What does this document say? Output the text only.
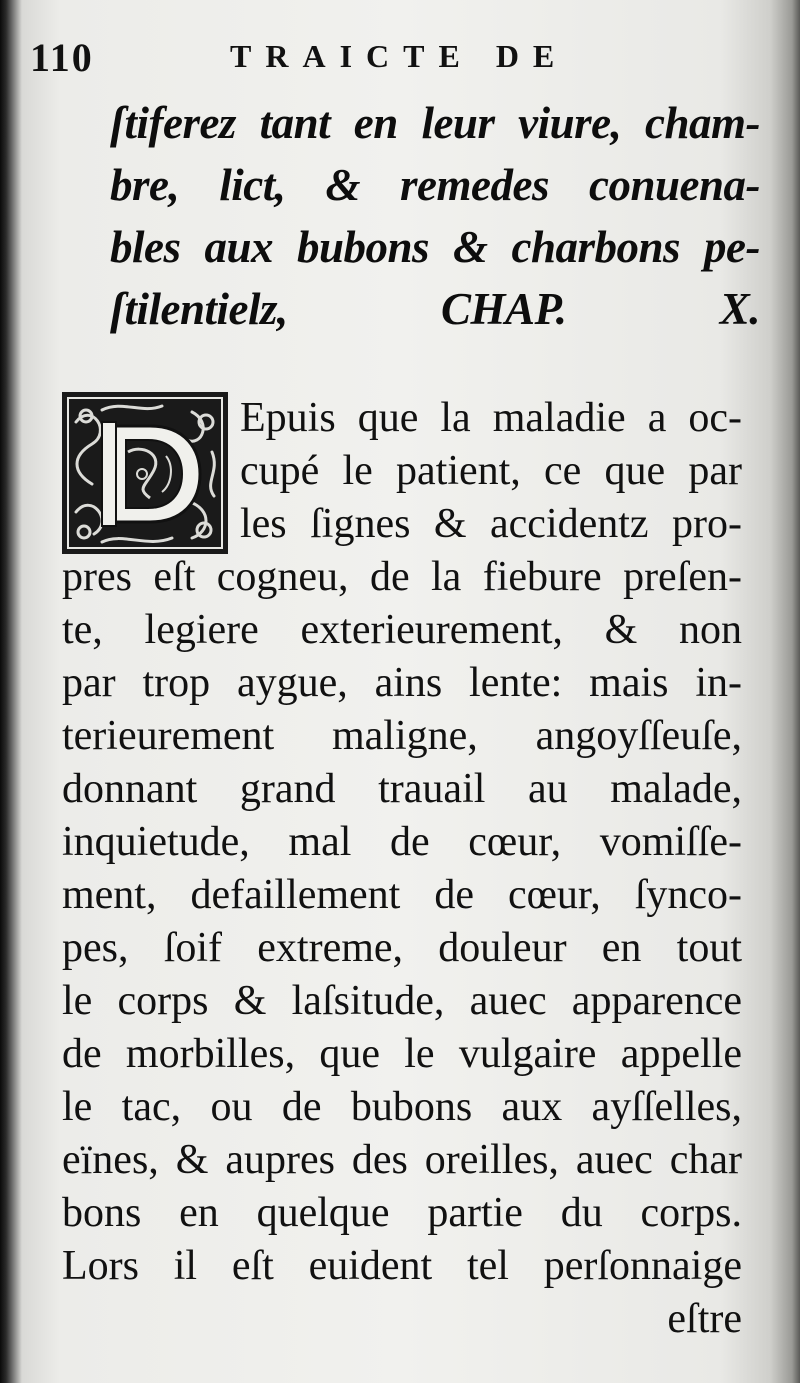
110	TRAICTE DE
ſtiferez tant en leur viure, cham-
bre, lict, & remedes conuena-
bles aux bubons & charbons pe-
ſtilentielz, CHAP. X.
Epuis que la maladie a oc-
cupé le patient, ce que par
les ſignes & accidentz pro-
pres eſt cogneu, de la fiebure preſen-
te, legiere exterieurement, & non
par trop aygue, ains lente: mais in-
terieurement maligne, angoyſſeuſe,
donnant grand trauail au malade,
inquietude, mal de cœur, vomiſſe-
ment, defaillement de cœur, ſynco-
pes, ſoif extreme, douleur en tout
le corps & laſsitude, auec apparence
de morbilles, que le vulgaire appelle
le tac, ou de bubons aux ayſſelles,
eïnes, & aupres des oreilles, auec char
bons en quelque partie du corps.
Lors il eſt euident tel perſonnaige
eſtre
